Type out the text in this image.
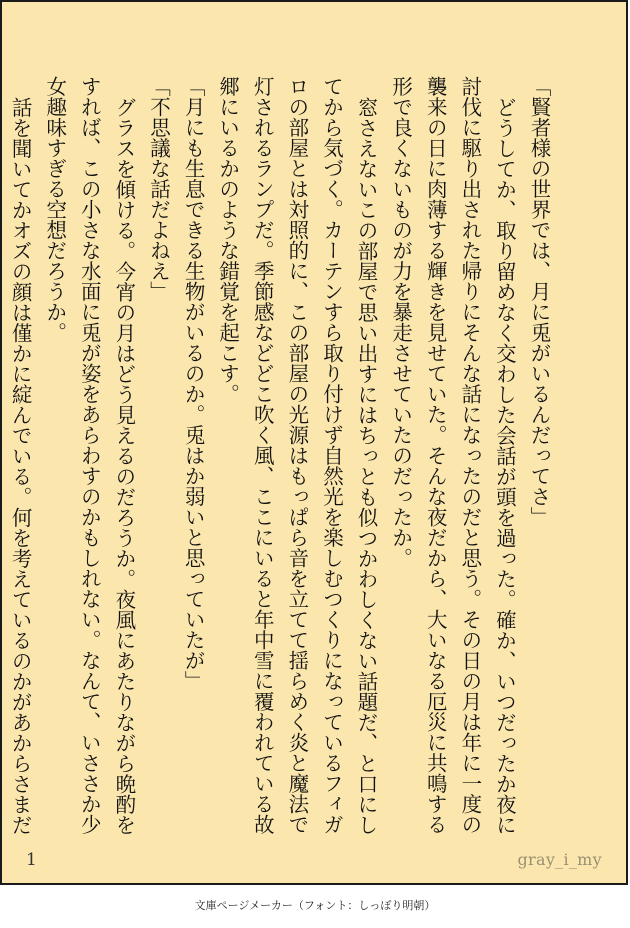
「賢者様の世界では、月に兎がいるんだってさ」

どうしてか、取り留めなく交わした会話が頭を過った。確か、いつだったか夜に討伐に駆り出された帰りにそんな話になったのだと思う。その日の月は年に一度の襲来の日に肉薄する輝きを見せていた。そんな夜だから、大いなる厄災に共鳴する形で良くないものが力を暴走させていたのだったか。

窓さえないこの部屋で思い出すにはちっとも似つかわしくない話題だ、と口にしてから気づく。カーテンすら取り付けず自然光を楽しむつくりになっているフィガロの部屋とは対照的に、この部屋の光源はもっぱら音を立てて揺らめく炎と魔法で灯されるランプだ。季節感などどこ吹く風、ここにいると年中雪に覆われている故郷にいるかのような錯覚を起こす。

「月にも生息できる生物がいるのか。兎はか弱いと思っていたが」

「不思議な話だよねえ」

グラスを傾ける。今宵の月はどう見えるのだろうか。夜風にあたりながら晩酌をすれば、この小さな水面に兎が姿をあらわすのかもしれない。なんて、いささか少女趣味すぎる空想だろうか。

話を聞いてかオズの顔は僅かに綻んでいる。何を考えているのかがあからさまだ

1	gray_i_my
文庫ページメーカー（フォント：しっぽり明朝）
